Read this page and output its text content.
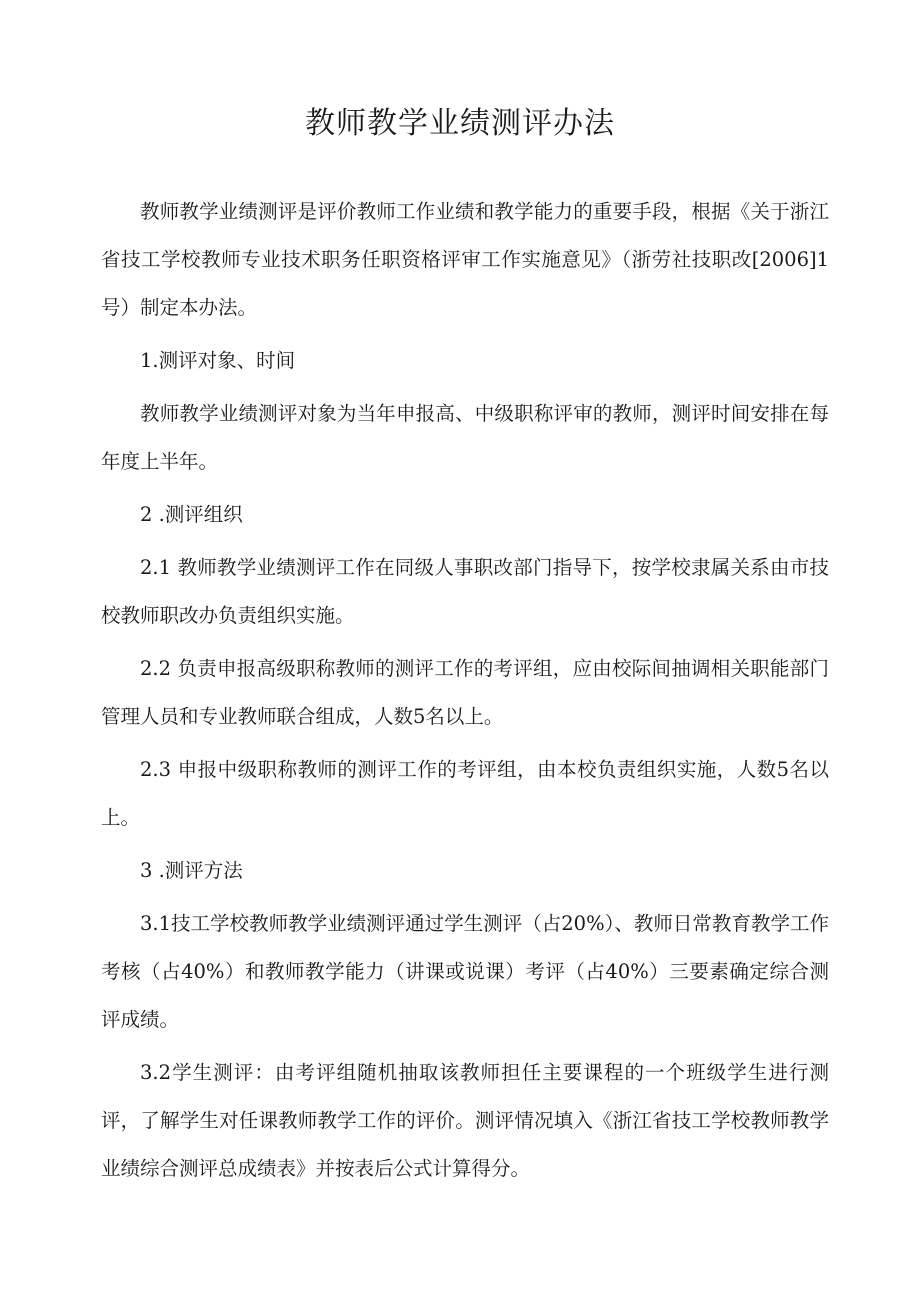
教师教学业绩测评办法

教师教学业绩测评是评价教师工作业绩和教学能力的重要手段，根据《关于浙江省技工学校教师专业技术职务任职资格评审工作实施意见》（浙劳社技职改[2006]1号）制定本办法。

1.测评对象、时间

教师教学业绩测评对象为当年申报高、中级职称评审的教师，测评时间安排在每年度上半年。

2 .测评组织

2.1 教师教学业绩测评工作在同级人事职改部门指导下，按学校隶属关系由市技校教师职改办负责组织实施。

2.2 负责申报高级职称教师的测评工作的考评组，应由校际间抽调相关职能部门管理人员和专业教师联合组成，人数5名以上。

2.3 申报中级职称教师的测评工作的考评组，由本校负责组织实施，人数5名以上。

3 .测评方法

3.1技工学校教师教学业绩测评通过学生测评（占20%）、教师日常教育教学工作考核（占40%）和教师教学能力（讲课或说课）考评（占40%）三要素确定综合测评成绩。

3.2学生测评：由考评组随机抽取该教师担任主要课程的一个班级学生进行测评，了解学生对任课教师教学工作的评价。测评情况填入《浙江省技工学校教师教学业绩综合测评总成绩表》并按表后公式计算得分。
